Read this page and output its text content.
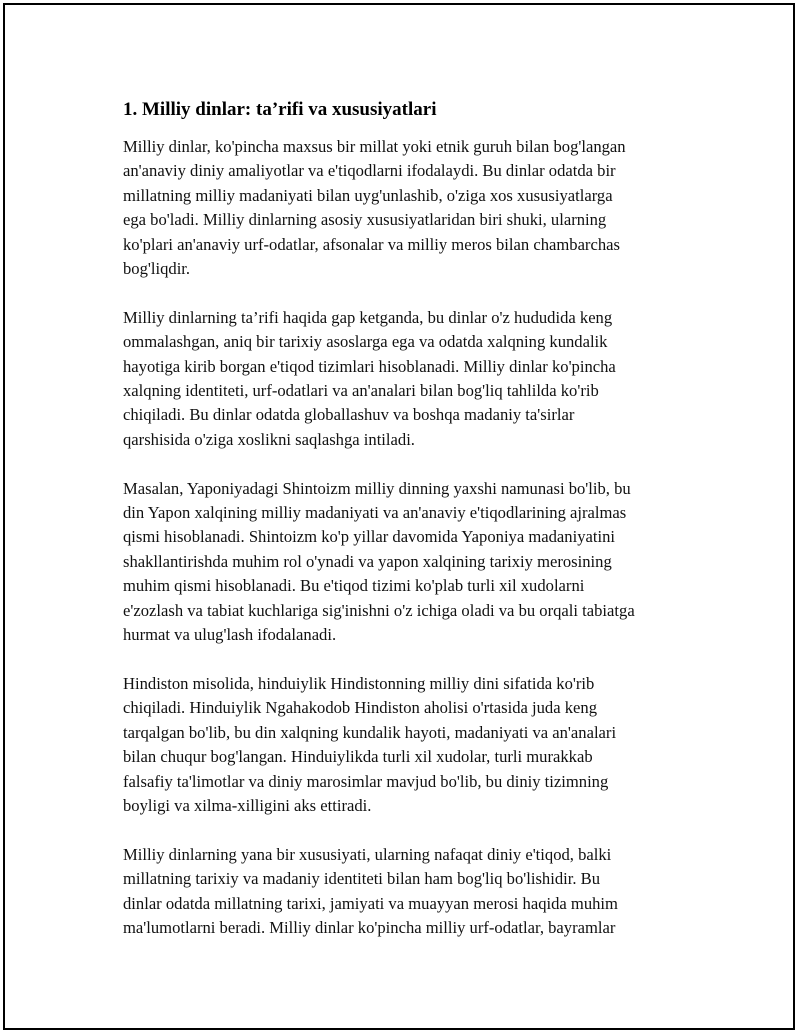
1. Milliy dinlar: ta’rifi va xususiyatlari

Milliy dinlar, ko'pincha maxsus bir millat yoki etnik guruh bilan bog'langan
an'anaviy diniy amaliyotlar va e'tiqodlarni ifodalaydi. Bu dinlar odatda bir
millatning milliy madaniyati bilan uyg'unlashib, o'ziga xos xususiyatlarga
ega bo'ladi. Milliy dinlarning asosiy xususiyatlaridan biri shuki, ularning
ko'plari an'anaviy urf-odatlar, afsonalar va milliy meros bilan chambarchas
bog'liqdir.

Milliy dinlarning ta’rifi haqida gap ketganda, bu dinlar o'z hududida keng
ommalashgan, aniq bir tarixiy asoslarga ega va odatda xalqning kundalik
hayotiga kirib borgan e'tiqod tizimlari hisoblanadi. Milliy dinlar ko'pincha
xalqning identiteti, urf-odatlari va an'analari bilan bog'liq tahlilda ko'rib
chiqiladi. Bu dinlar odatda globallashuv va boshqa madaniy ta'sirlar
qarshisida o'ziga xoslikni saqlashga intiladi.

Masalan, Yaponiyadagi Shintoizm milliy dinning yaxshi namunasi bo'lib, bu
din Yapon xalqining milliy madaniyati va an'anaviy e'tiqodlarining ajralmas
qismi hisoblanadi. Shintoizm ko'p yillar davomida Yaponiya madaniyatini
shakllantirishda muhim rol o'ynadi va yapon xalqining tarixiy merosining
muhim qismi hisoblanadi. Bu e'tiqod tizimi ko'plab turli xil xudolarni
e'zozlash va tabiat kuchlariga sig'inishni o'z ichiga oladi va bu orqali tabiatga
hurmat va ulug'lash ifodalanadi.

Hindiston misolida, hinduiylik Hindistonning milliy dini sifatida ko'rib
chiqiladi. Hinduiylik Ngahakodob Hindiston aholisi o'rtasida juda keng
tarqalgan bo'lib, bu din xalqning kundalik hayoti, madaniyati va an'analari
bilan chuqur bog'langan. Hinduiylikda turli xil xudolar, turli murakkab
falsafiy ta'limotlar va diniy marosimlar mavjud bo'lib, bu diniy tizimning
boyligi va xilma-xilligini aks ettiradi.

Milliy dinlarning yana bir xususiyati, ularning nafaqat diniy e'tiqod, balki
millatning tarixiy va madaniy identiteti bilan ham bog'liq bo'lishidir. Bu
dinlar odatda millatning tarixi, jamiyati va muayyan merosi haqida muhim
ma'lumotlarni beradi. Milliy dinlar ko'pincha milliy urf-odatlar, bayramlar
